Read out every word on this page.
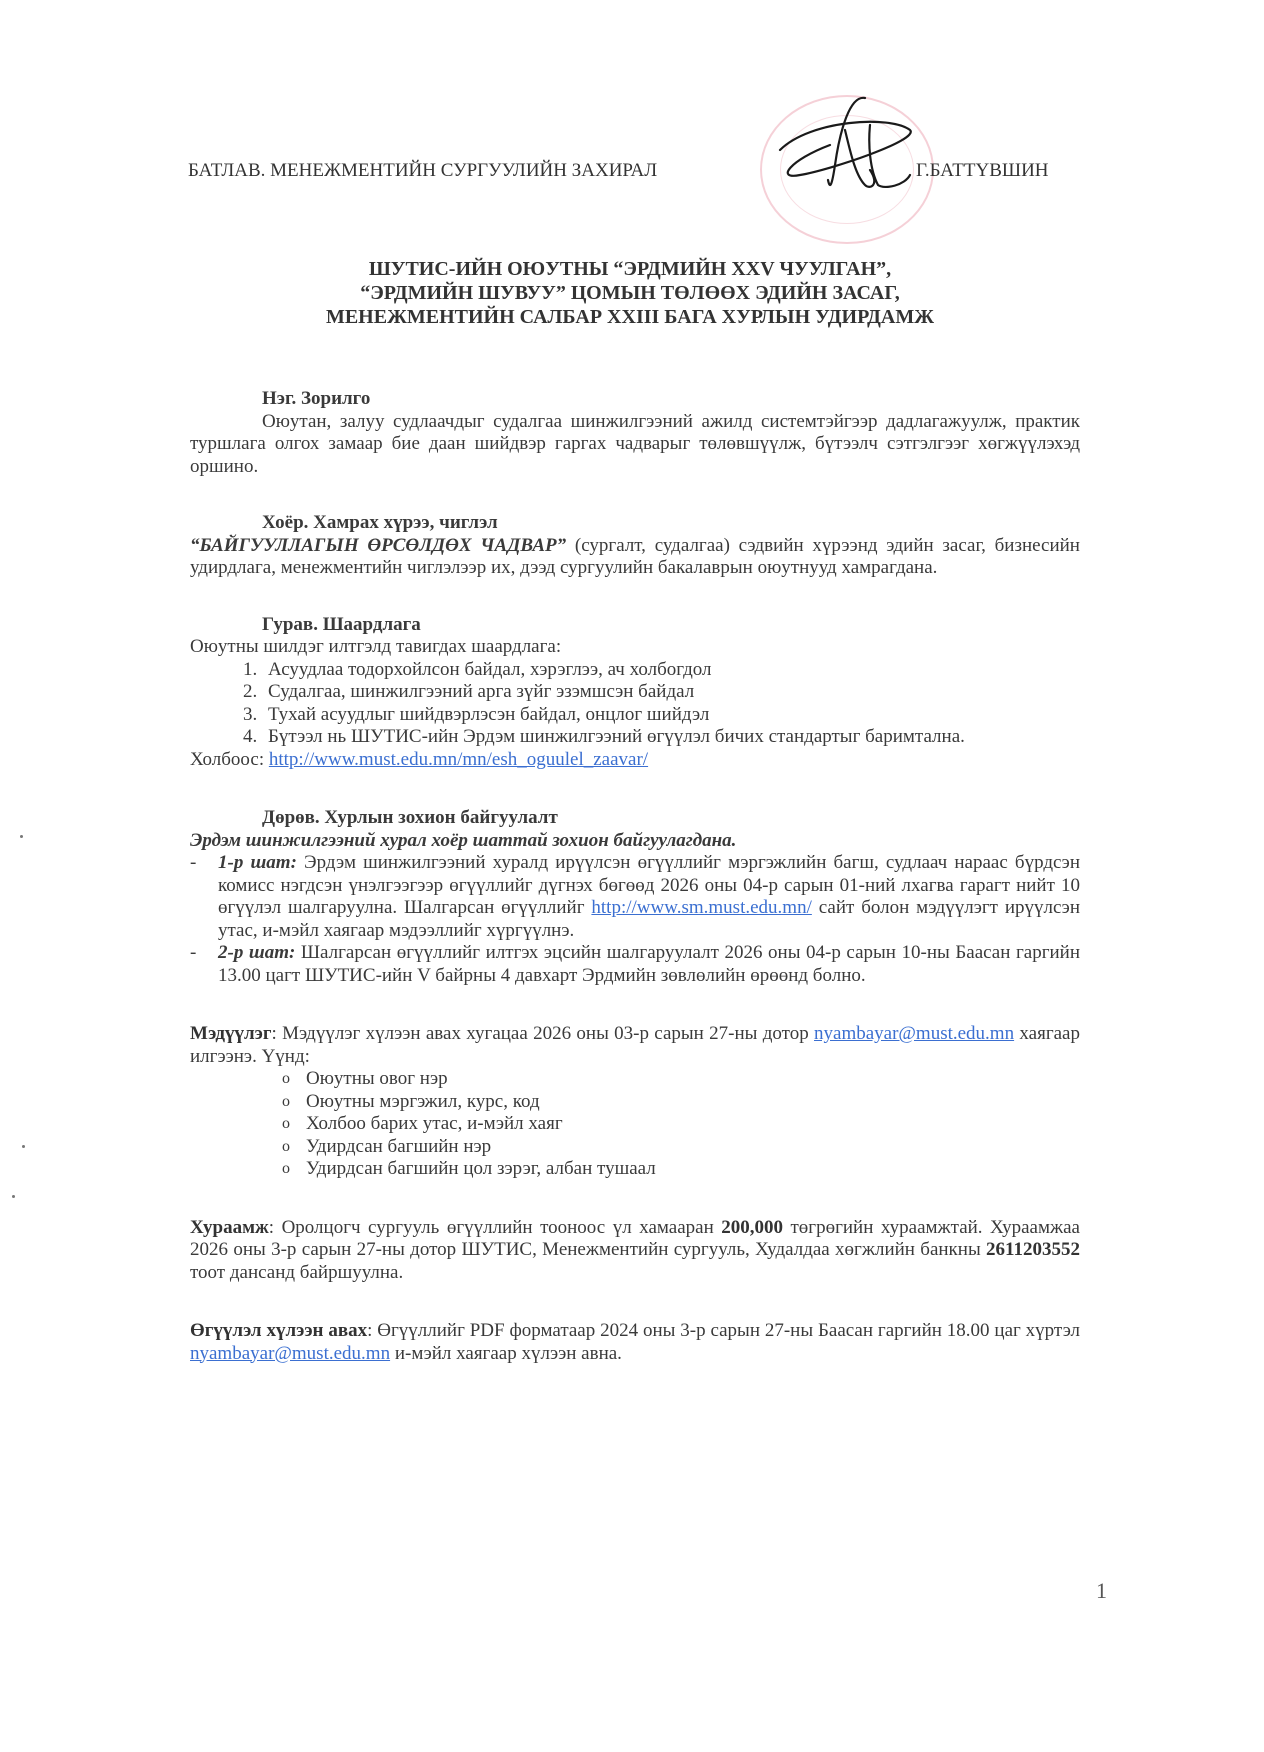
БАТЛАВ. МЕНЕЖМЕНТИЙН СУРГУУЛИЙН ЗАХИРАЛ	Г.БАТТҮВШИН
ШУТИС-ИЙН ОЮУТНЫ “ЭРДМИЙН XXV ЧУУЛГАН”,
“ЭРДМИЙН ШУВУУ” ЦОМЫН ТӨЛӨӨХ ЭДИЙН ЗАСАГ,
МЕНЕЖМЕНТИЙН САЛБАР XXIII БАГА ХУРЛЫН УДИРДАМЖ
Нэг. Зорилго

Оюутан, залуу судлаачдыг судалгаа шинжилгээний ажилд системтэйгээр дадлагажуулж, практик туршлага олгох замаар бие даан шийдвэр гаргах чадварыг төлөвшүүлж, бүтээлч сэтгэлгээг хөгжүүлэхэд оршино.

Хоёр. Хамрах хүрээ, чиглэл

“БАЙГУУЛЛАГЫН ӨРСӨЛДӨХ ЧАДВАР” (сургалт, судалгаа) сэдвийн хүрээнд эдийн засаг, бизнесийн удирдлага, менежментийн чиглэлээр их, дээд сургуулийн бакалаврын оюутнууд хамрагдана.

Гурав. Шаардлага

Оюутны шилдэг илтгэлд тавигдах шаардлага:

1. Асуудлаа тодорхойлсон байдал, хэрэглээ, ач холбогдол
2. Судалгаа, шинжилгээний арга зүйг эзэмшсэн байдал
3. Тухай асуудлыг шийдвэрлэсэн байдал, онцлог шийдэл
4. Бүтээл нь ШУТИС-ийн Эрдэм шинжилгээний өгүүлэл бичих стандартыг баримтална.

Холбоос: http://www.must.edu.mn/mn/esh_oguulel_zaavar/

Дөрөв. Хурлын зохион байгуулалт

Эрдэм шинжилгээний хурал хоёр шаттай зохион байгуулагдана.

-	1-р шат: Эрдэм шинжилгээний хуралд ирүүлсэн өгүүллийг мэргэжлийн багш, судлаач нараас бүрдсэн комисс нэгдсэн үнэлгээгээр өгүүллийг дүгнэх бөгөөд 2026 оны 04-р сарын 01-ний лхагва гарагт нийт 10 өгүүлэл шалгаруулна. Шалгарсан өгүүллийг http://www.sm.must.edu.mn/ сайт болон мэдүүлэгт ирүүлсэн утас, и-мэйл хаягаар мэдээллийг хүргүүлнэ.
-	2-р шат: Шалгарсан өгүүллийг илтгэх эцсийн шалгаруулалт 2026 оны 04-р сарын 10-ны Баасан гаргийн 13.00 цагт ШУТИС-ийн V байрны 4 давхарт Эрдмийн зөвлөлийн өрөөнд болно.

Мэдүүлэг: Мэдүүлэг хүлээн авах хугацаа 2026 оны 03-р сарын 27-ны дотор nyambayar@must.edu.mn хаягаар илгээнэ. Үүнд:

o Оюутны овог нэр
o Оюутны мэргэжил, курс, код
o Холбоо барих утас, и-мэйл хаяг
o Удирдсан багшийн нэр
o Удирдсан багшийн цол зэрэг, албан тушаал

Хураамж: Оролцогч сургууль өгүүллийн тооноос үл хамааран 200,000 төгрөгийн хураамжтай. Хураамжаа 2026 оны 3-р сарын 27-ны дотор ШУТИС, Менежментийн сургууль, Худалдаа хөгжлийн банкны 2611203552 тоот дансанд байршуулна.

Өгүүлэл хүлээн авах: Өгүүллийг PDF форматаар 2024 оны 3-р сарын 27-ны Баасан гаргийн 18.00 цаг хүртэл nyambayar@must.edu.mn и-мэйл хаягаар хүлээн авна.

1
